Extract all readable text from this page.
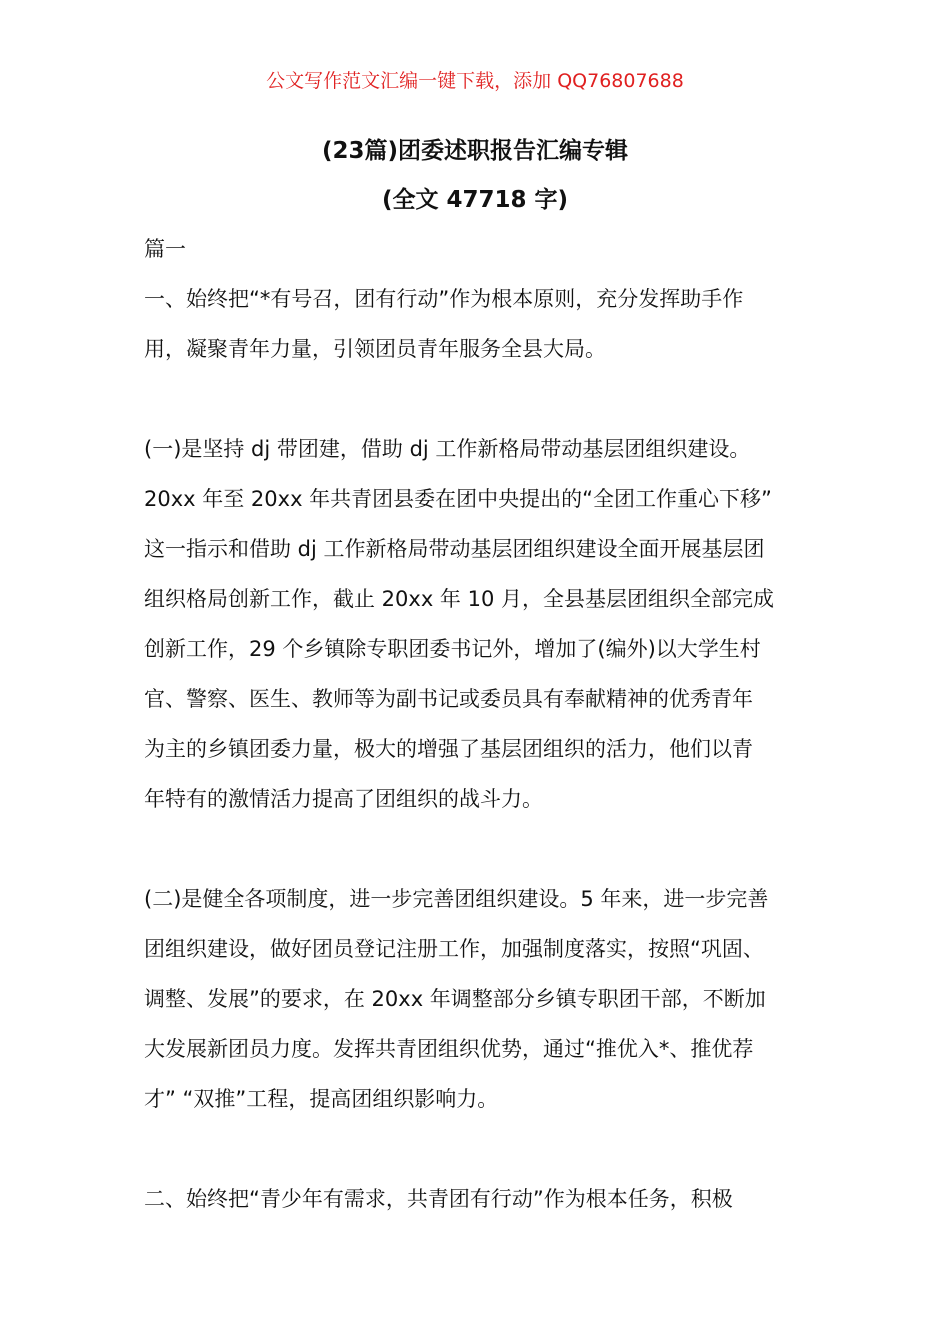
公文写作范文汇编一键下载，添加 QQ76807688
(23篇)团委述职报告汇编专辑
(全文 47718 字)
篇一
一、始终把“*有号召，团有行动”作为根本原则，充分发挥助手作
用，凝聚青年力量，引领团员青年服务全县大局。
(一)是坚持 dj 带团建，借助 dj 工作新格局带动基层团组织建设。
20xx 年至 20xx 年共青团县委在团中央提出的“全团工作重心下移”
这一指示和借助 dj 工作新格局带动基层团组织建设全面开展基层团
组织格局创新工作，截止 20xx 年 10 月，全县基层团组织全部完成
创新工作，29 个乡镇除专职团委书记外，增加了(编外)以大学生村
官、警察、医生、教师等为副书记或委员具有奉献精神的优秀青年
为主的乡镇团委力量，极大的增强了基层团组织的活力，他们以青
年特有的激情活力提高了团组织的战斗力。
(二)是健全各项制度，进一步完善团组织建设。5 年来，进一步完善
团组织建设，做好团员登记注册工作，加强制度落实，按照“巩固、
调整、发展”的要求，在 20xx 年调整部分乡镇专职团干部，不断加
大发展新团员力度。发挥共青团组织优势，通过“推优入*、推优荐
才” “双推”工程，提高团组织影响力。
二、始终把“青少年有需求，共青团有行动”作为根本任务，积极
